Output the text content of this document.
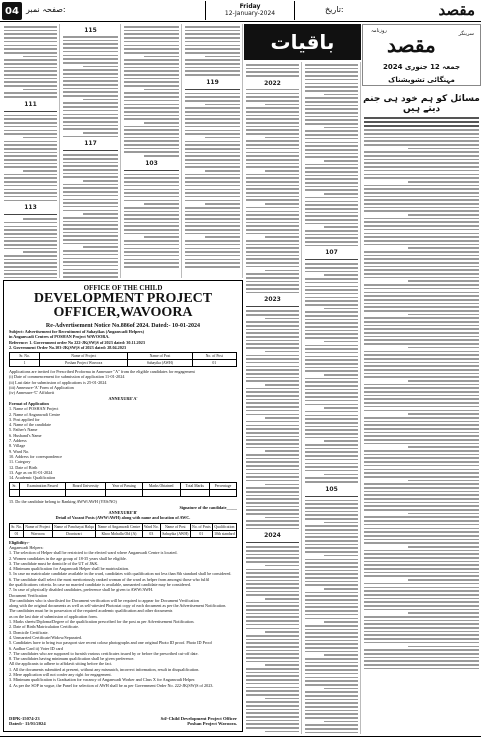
04 صفحہ نمبر:	Friday
12-January-2024	تاریخ:	مقصد
111
113
115
117
103
119
باقیات
2022
2023
2024
107
105
روزنامہ
مقصد	سرینگر
جمعہ 12 جنوری 2024
مہنگائی تشویشناک
مسائل کو ہم خود ہی جنم دیتے ہیں
OFFICE OF THE CHILD
DEVELOPMENT PROJECT
OFFICER,WAVOORA
Re-Advertisement Notice No.886of 2024. Dated:- 10-01-2024
Subject: Advertisement for Recruitment of Sahayikas (Anganwadi Helpers)
in Anganwadi Centres of POSHAN Project WAVOORA.
Reference: 1. Government order No 222-JK(SW)S of 2023 dated: 30.11.2023
2. Government Order No.103-JK(SW)S of 2023 dated: 28.04.2023
Sr. No.	Name of Project	Name of Post	No. of Post
1	Poshan Project Wavoora	Sahayika (AWH)	01
Applications are invited for Prescribed Proforma in Annexure "A" from the eligible candidates for engagement
(i) Date of commencement for submission of application 11-01-2024
(ii) Last date for submission of applications is 25-01-2024
(iii) Annexure-'A' Form of Application
(iv) Annexure-'C' Affidavit
ANNEXURE'A'
Format of Application
1. Name of POSHAN Project
2. Name of Anganwadi Centre
3. Post applied for
4. Name of the candidate
5. Father's Name
6. Husband's Name
7. Address
8. Village
9. Ward No.
10. Address for correspondence
11. Category
12. Date of Birth
13. Age as on 01-01-2024
14. Academic Qualification
Sr.	Examination Passed	Board University	Year of Passing	Marks Obtained	Total Marks	Percentage

15. Do the candidate belong to Ranking AWW/AWH (YES/NO)
Signature of the candidate_____
ANNEXURE'B'
Detail of Vacant Posts (AWW/AWH) along with name and location of AWC.
Sr. No.	Name of Project	Name of Panchayat Halqa	Name of Anganwadi Centre	Ward No.	Name of Post	No. of Posts	Qualification
01	Wavoora	Dooriwari	Khoo Mohalla Old (A)	03	Sahayika (AWH)	01	10th standard
Eligibility:-
Anganwadi Helpers:
1. The selection of Helper shall be restricted to the elected ward where Anganwadi Centre is located.
2. Women candidates in the age group of 18-35 years shall be eligible.
3. The candidate must be domicile of the UT of J&K.
4. Minimum qualification for Anganwadi Helper shall be matriculation.
5. In case no matriculate candidate available in the ward, candidates with qualification not less than 8th standard shall be considered.
6. The candidate shall select the most meritoriously ranked woman of the ward as helper from amongst those who fulfil
the qualifications criteria. In case no married candidate is available, unmarried candidate may be considered.
7. In case of physically disabled candidates, preference shall be given to AWW/AWH.
Document Verification
The candidates who is shortlisted for Document verification will be required to appear for Document Verification
along with the original documents as well as self-attested Photostat copy of each document as per the Advertisement Notification.
The candidates must be in possession of the required academic qualification and other documents
as on the last date of submission of application form.
1. Marks sheets/Diploma/Degree of the qualification prescribed for the post as per Advertisement Notification.
2. Date of Birth/Matriculation Certificate.
3. Domicile Certificate.
4. Unmarried Certificate/Widow/Separated.
5. Candidates have to bring two passport size recent colour photographs and one original Photo ID proof. Photo ID Proof
6. Aadhar Card ii) Voter ID card
7. The candidates who are supposed to furnish various certificates issued by or before the prescribed cut-off date.
8. The candidates having minimum qualification shall be given preference.
All the applicants to adhere to affidavit sitting before the fact.
1. All the documents submitted at present, without any mismatch, incorrect information, result in disqualification.
2. Mere application will not confer any right for engagement.
3. Minimum qualification is Graduation for vacancy of Anganwadi Worker and Class X for Anganwadi Helper.
4. As per the SOP in vogue, the Panel for selection of AWH shall be as per Government Order No. 222-JK(SW)S of 2023.
DIPK-15074-23	Sd/-Child Development Project Officer
Dated:- 11/01/2024	Poshan Project Wavoora.
